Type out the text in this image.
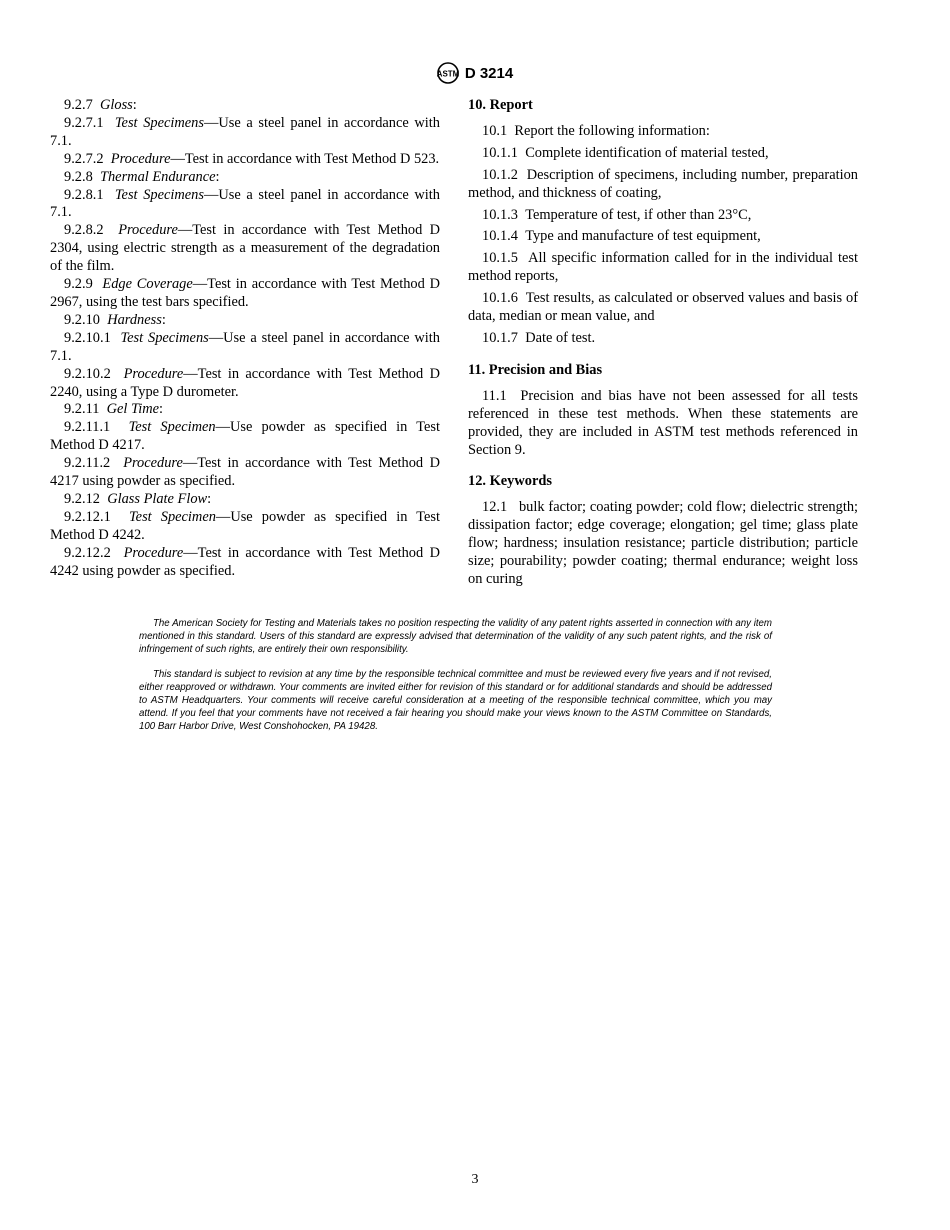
ASTM D 3214

9.2.7 Gloss:

9.2.7.1 Test Specimens—Use a steel panel in accordance with 7.1.

9.2.7.2 Procedure—Test in accordance with Test Method D 523.

9.2.8 Thermal Endurance:

9.2.8.1 Test Specimens—Use a steel panel in accordance with 7.1.

9.2.8.2 Procedure—Test in accordance with Test Method D 2304, using electric strength as a measurement of the degradation of the film.

9.2.9 Edge Coverage—Test in accordance with Test Method D 2967, using the test bars specified.

9.2.10 Hardness:

9.2.10.1 Test Specimens—Use a steel panel in accordance with 7.1.

9.2.10.2 Procedure—Test in accordance with Test Method D 2240, using a Type D durometer.

9.2.11 Gel Time:

9.2.11.1 Test Specimen—Use powder as specified in Test Method D 4217.

9.2.11.2 Procedure—Test in accordance with Test Method D 4217 using powder as specified.

9.2.12 Glass Plate Flow:

9.2.12.1 Test Specimen—Use powder as specified in Test Method D 4242.

9.2.12.2 Procedure—Test in accordance with Test Method D 4242 using powder as specified.

10. Report

10.1 Report the following information:

10.1.1 Complete identification of material tested,

10.1.2 Description of specimens, including number, preparation method, and thickness of coating,

10.1.3 Temperature of test, if other than 23°C,

10.1.4 Type and manufacture of test equipment,

10.1.5 All specific information called for in the individual test method reports,

10.1.6 Test results, as calculated or observed values and basis of data, median or mean value, and

10.1.7 Date of test.

11. Precision and Bias

11.1 Precision and bias have not been assessed for all tests referenced in these test methods. When these statements are provided, they are included in ASTM test methods referenced in Section 9.

12. Keywords

12.1 bulk factor; coating powder; cold flow; dielectric strength; dissipation factor; edge coverage; elongation; gel time; glass plate flow; hardness; insulation resistance; particle distribution; particle size; pourability; powder coating; thermal endurance; weight loss on curing

The American Society for Testing and Materials takes no position respecting the validity of any patent rights asserted in connection with any item mentioned in this standard. Users of this standard are expressly advised that determination of the validity of any such patent rights, and the risk of infringement of such rights, are entirely their own responsibility.

This standard is subject to revision at any time by the responsible technical committee and must be reviewed every five years and if not revised, either reapproved or withdrawn. Your comments are invited either for revision of this standard or for additional standards and should be addressed to ASTM Headquarters. Your comments will receive careful consideration at a meeting of the responsible technical committee, which you may attend. If you feel that your comments have not received a fair hearing you should make your views known to the ASTM Committee on Standards, 100 Barr Harbor Drive, West Conshohocken, PA 19428.

3
